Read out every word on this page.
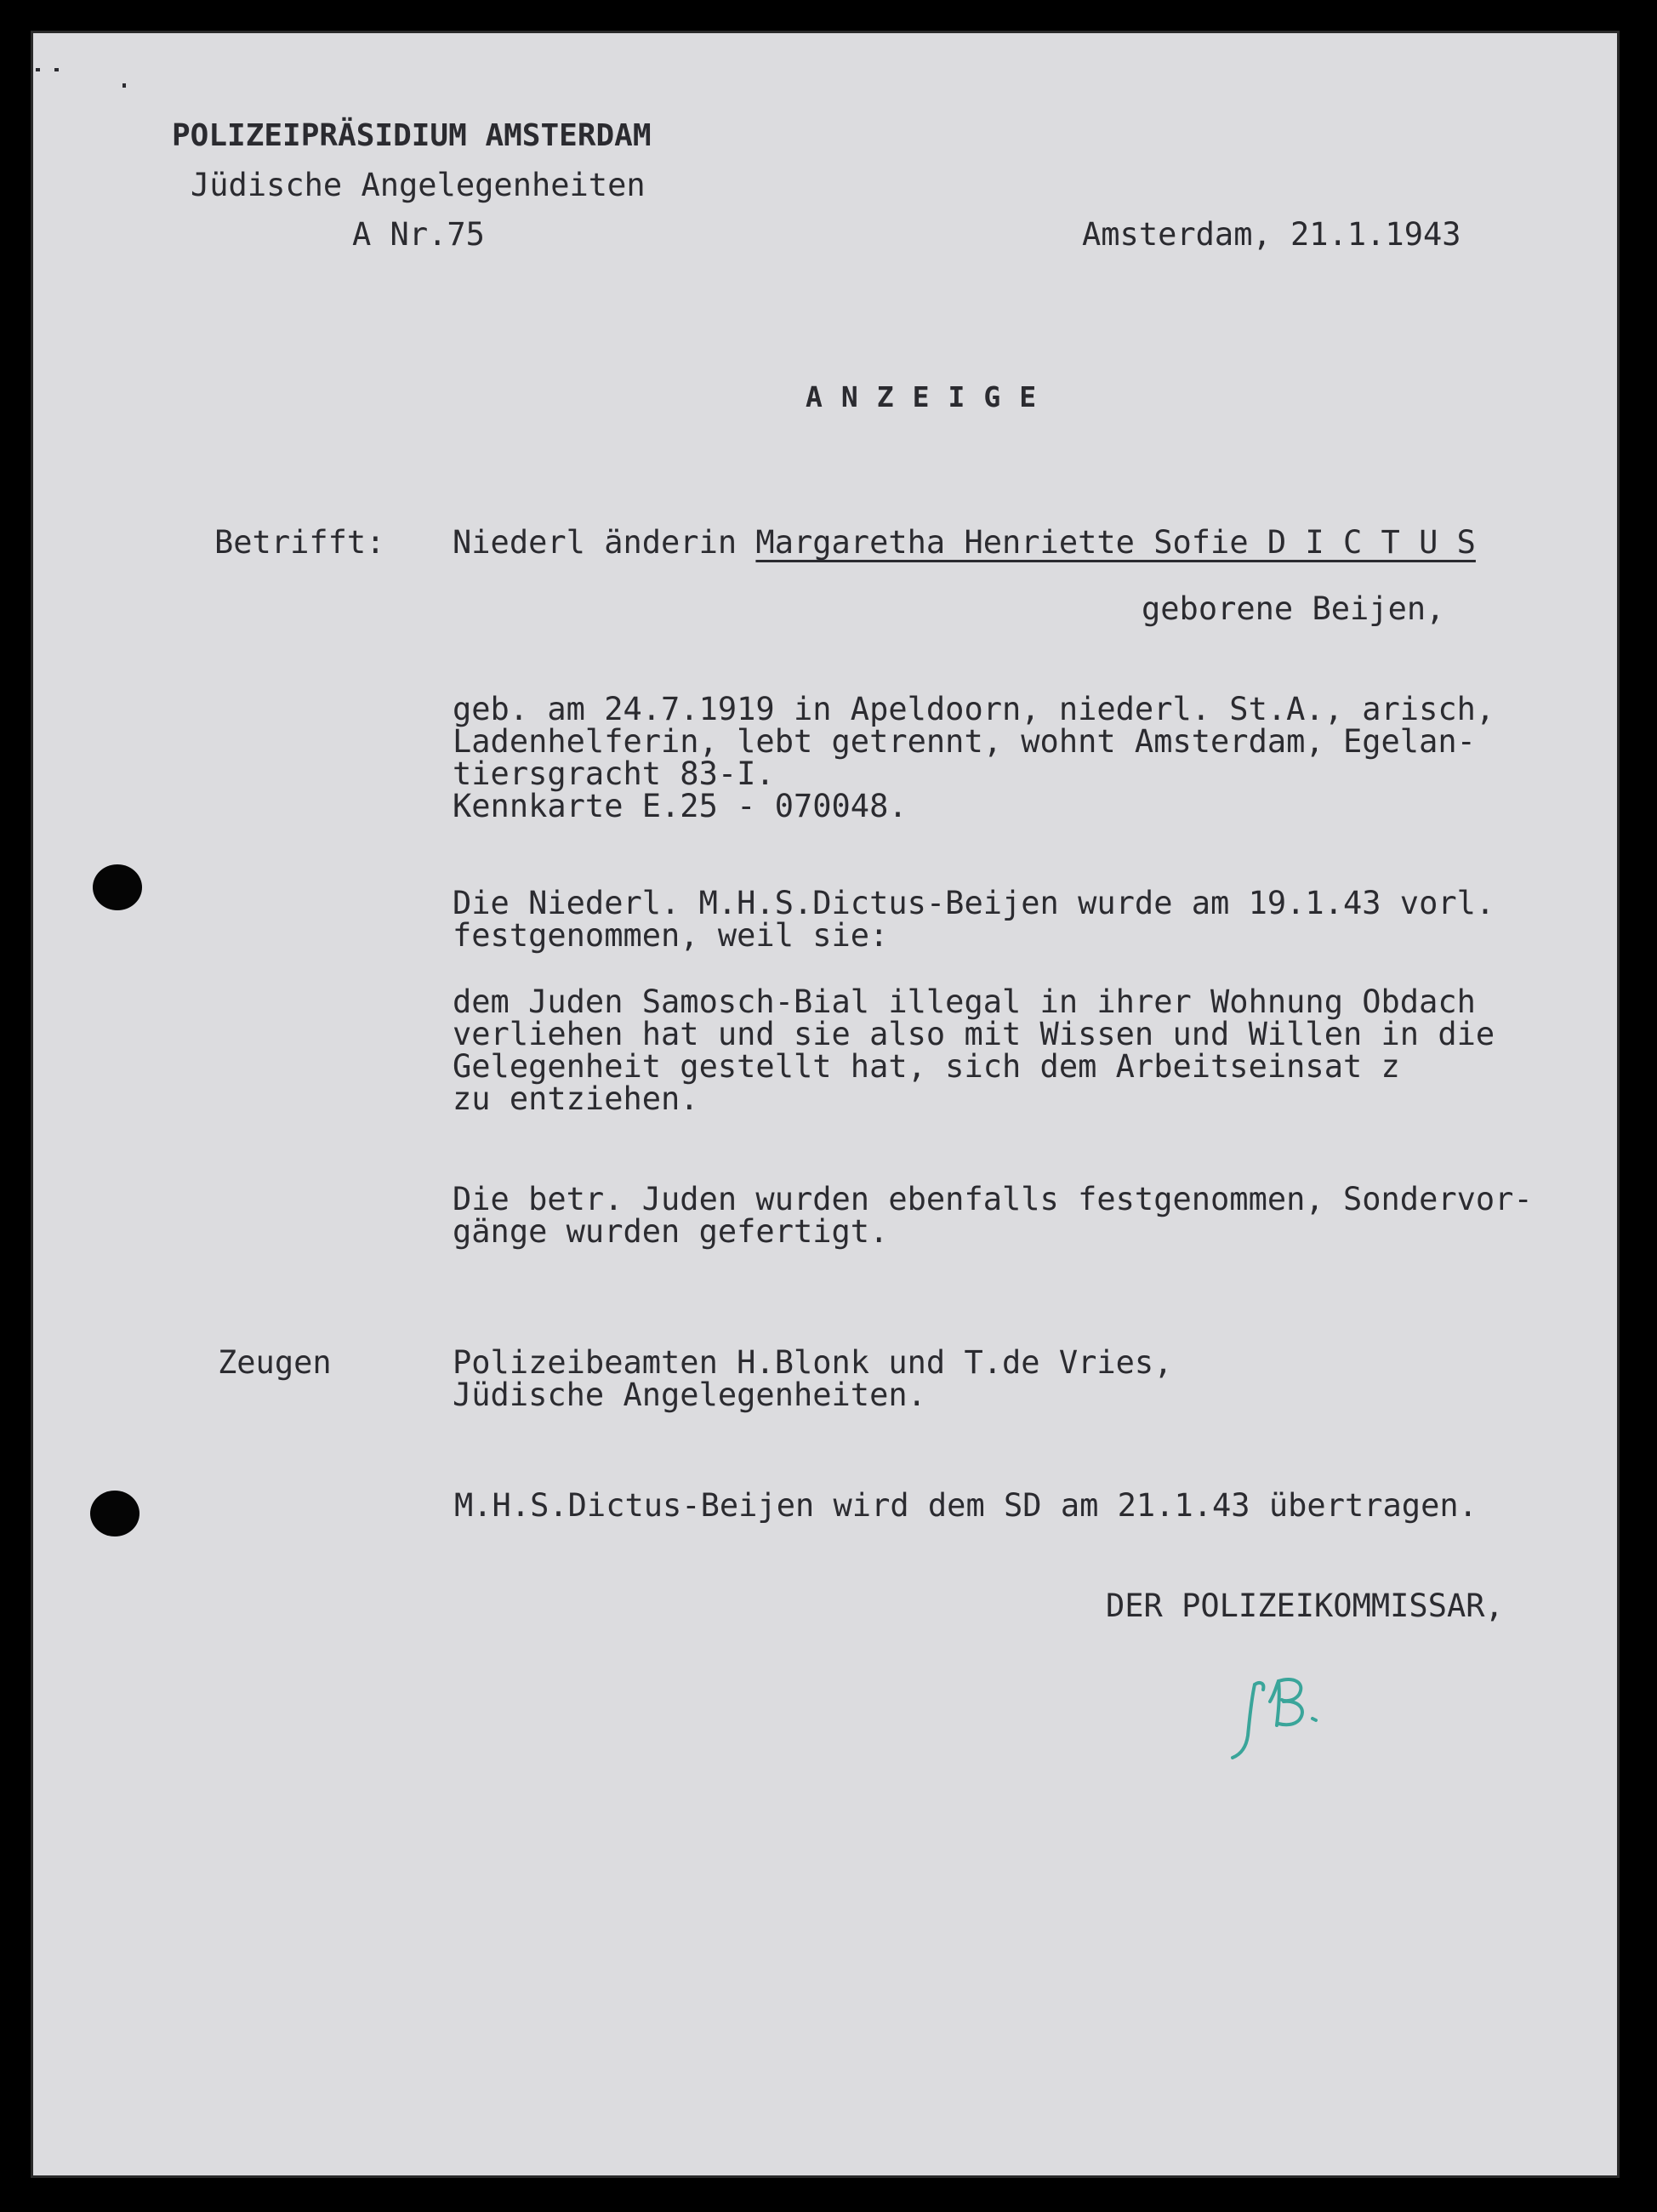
POLIZEIPRÄSIDIUM AMSTERDAM

Jüdische Angelegenheiten

A Nr.75	Amsterdam, 21.1.1943

ANZEIGE

Betrifft: Niederl änderin Margaretha Henriette Sofie D I C T U S

geborene Beijen,

geb. am 24.7.1919 in Apeldoorn, niederl. St.A., arisch,

Ladenhelferin, lebt getrennt, wohnt Amsterdam, Egelan-

tiersgracht 83-I.

Kennkarte E.25 - 070048.

Die Niederl. M.H.S.Dictus-Beijen wurde am 19.1.43 vorl.

festgenommen, weil sie:

dem Juden Samosch-Bial illegal in ihrer Wohnung Obdach

verliehen hat und sie also mit Wissen und Willen in die

Gelegenheit gestellt hat, sich dem Arbeitseinsat z

zu entziehen.

Die betr. Juden wurden ebenfalls festgenommen, Sondervor-

gänge wurden gefertigt.

Zeugen	Polizeibeamten H.Blonk und T.de Vries,

Jüdische Angelegenheiten.

M.H.S.Dictus-Beijen wird dem SD am 21.1.43 übertragen.

DER POLIZEIKOMMISSAR,
